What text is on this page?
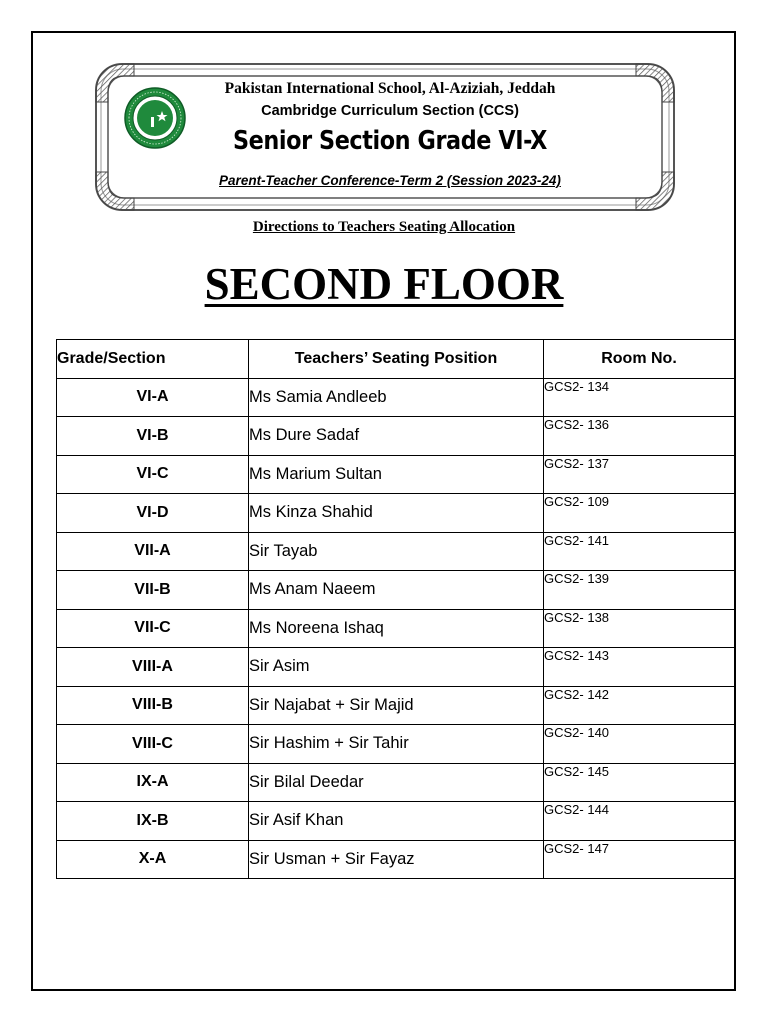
Pakistan International School, Al-Aziziah, Jeddah
Cambridge Curriculum Section (CCS)
Senior Section Grade VI-X
Parent-Teacher Conference-Term 2 (Session 2023-24)
Directions to Teachers Seating Allocation
SECOND FLOOR
Grade/Section	Teachers’ Seating Position	Room No.
VI-A	Ms Samia Andleeb	GCS2- 134
VI-B	Ms Dure Sadaf	GCS2- 136
VI-C	Ms Marium Sultan	GCS2- 137
VI-D	Ms Kinza Shahid	GCS2- 109
VII-A	Sir Tayab	GCS2- 141
VII-B	Ms Anam Naeem	GCS2- 139
VII-C	Ms Noreena Ishaq	GCS2- 138
VIII-A	Sir Asim	GCS2- 143
VIII-B	Sir Najabat + Sir Majid	GCS2- 142
VIII-C	Sir Hashim + Sir Tahir	GCS2- 140
IX-A	Sir Bilal Deedar	GCS2- 145
IX-B	Sir Asif Khan	GCS2- 144
X-A	Sir Usman + Sir Fayaz	GCS2- 147
